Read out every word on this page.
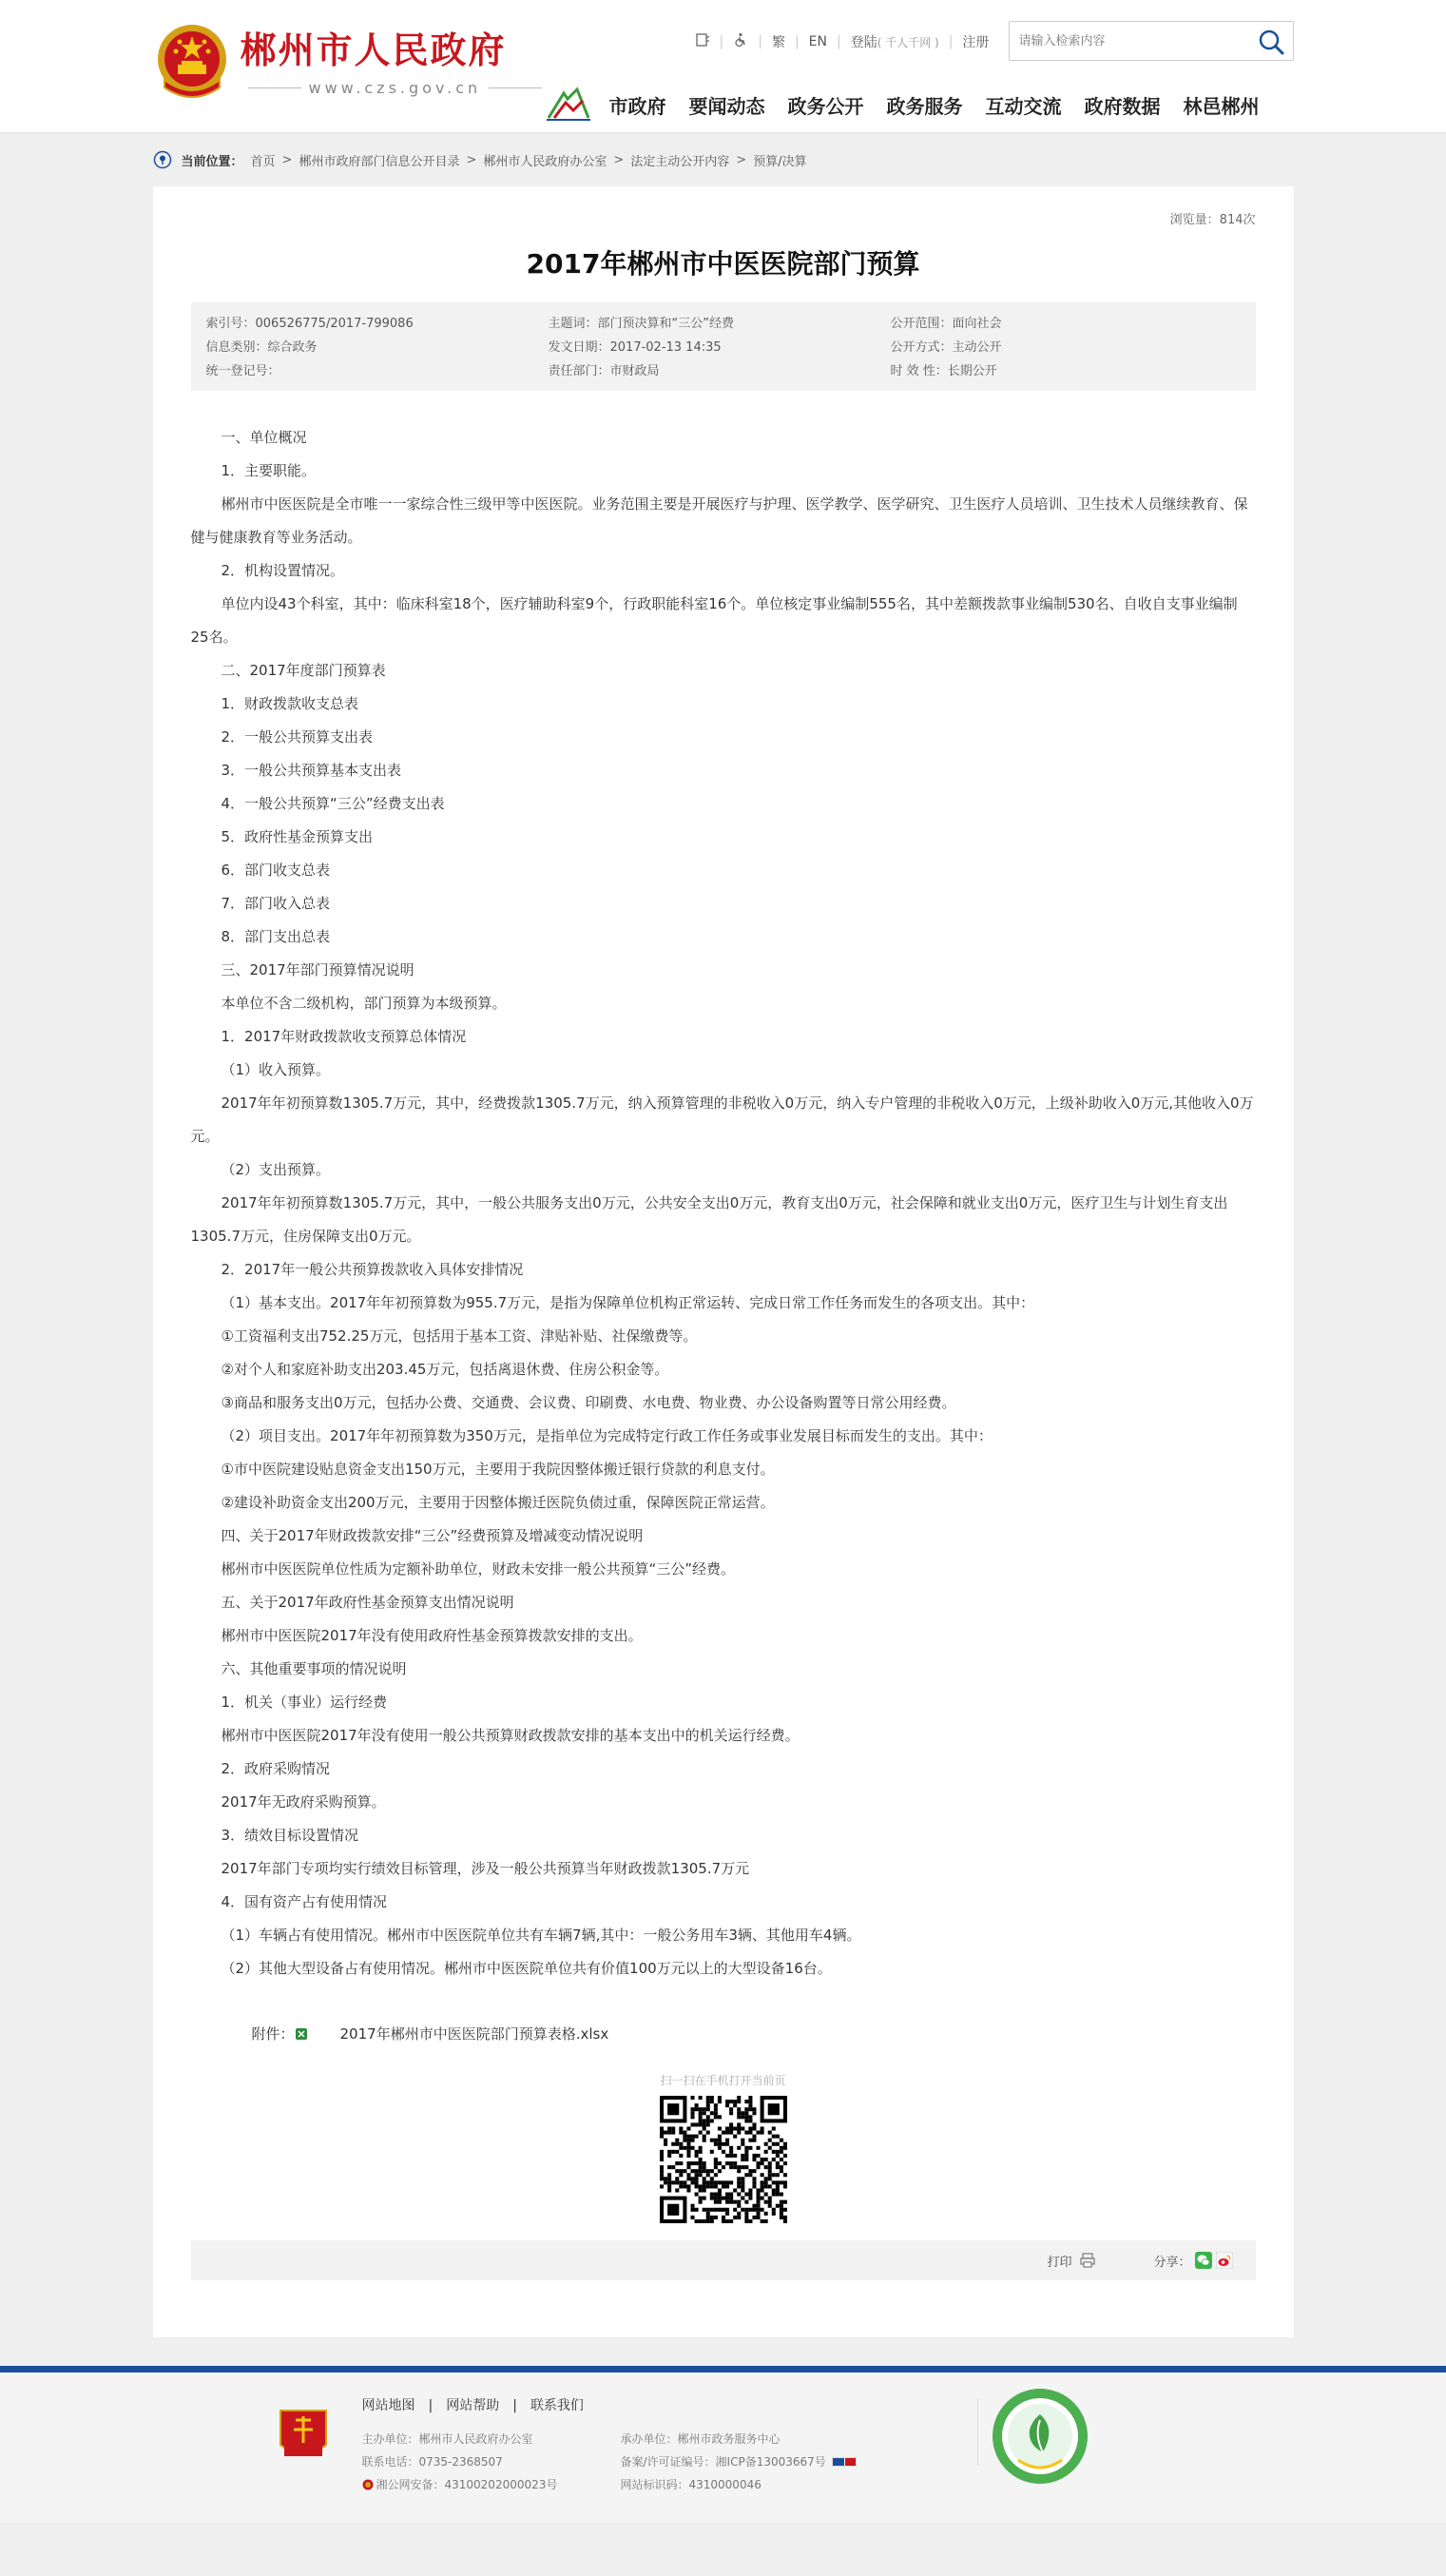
郴州市人民政府
www.czs.gov.cn
|	| 繁 | EN | 登陆( 千人千网 ) | 注册
请输入检索内容
市政府 要闻动态 政务公开 政务服务 互动交流 政府数据 林邑郴州
当前位置： 首页 > 郴州市政府部门信息公开目录 > 郴州市人民政府办公室 > 法定主动公开内容 > 预算/决算
浏览量：814次
2017年郴州市中医医院部门预算
索引号：006526775/2017-799086	主题词：部门预决算和“三公”经费	公开范围：面向社会
信息类别：综合政务	发文日期：2017-02-13 14:35	公开方式：主动公开
统一登记号：	责任部门：市财政局	时 效 性：长期公开

一、单位概况

1．主要职能。

郴州市中医医院是全市唯一一家综合性三级甲等中医医院。业务范围主要是开展医疗与护理、医学教学、医学研究、卫生医疗人员培训、卫生技术人员继续教育、保健与健康教育等业务活动。

2．机构设置情况。

单位内设43个科室，其中：临床科室18个，医疗辅助科室9个，行政职能科室16个。单位核定事业编制555名，其中差额拨款事业编制530名、自收自支事业编制25名。

二、2017年度部门预算表

1．财政拨款收支总表

2．一般公共预算支出表

3．一般公共预算基本支出表

4．一般公共预算“三公”经费支出表

5．政府性基金预算支出

6．部门收支总表

7．部门收入总表

8．部门支出总表

三、2017年部门预算情况说明

本单位不含二级机构，部门预算为本级预算。

1．2017年财政拨款收支预算总体情况

（1）收入预算。

2017年年初预算数1305.7万元，其中，经费拨款1305.7万元，纳入预算管理的非税收入0万元，纳入专户管理的非税收入0万元，上级补助收入0万元,其他收入0万元。

（2）支出预算。

2017年年初预算数1305.7万元，其中，一般公共服务支出0万元，公共安全支出0万元，教育支出0万元，社会保障和就业支出0万元，医疗卫生与计划生育支出1305.7万元，住房保障支出0万元。

2．2017年一般公共预算拨款收入具体安排情况

（1）基本支出。2017年年初预算数为955.7万元，是指为保障单位机构正常运转、完成日常工作任务而发生的各项支出。其中：

①工资福利支出752.25万元，包括用于基本工资、津贴补贴、社保缴费等。

②对个人和家庭补助支出203.45万元，包括离退休费、住房公积金等。

③商品和服务支出0万元，包括办公费、交通费、会议费、印刷费、水电费、物业费、办公设备购置等日常公用经费。

（2）项目支出。2017年年初预算数为350万元，是指单位为完成特定行政工作任务或事业发展目标而发生的支出。其中：

①市中医院建设贴息资金支出150万元，主要用于我院因整体搬迁银行贷款的利息支付。

②建设补助资金支出200万元，主要用于因整体搬迁医院负债过重，保障医院正常运营。

四、关于2017年财政拨款安排“三公”经费预算及增减变动情况说明

郴州市中医医院单位性质为定额补助单位，财政未安排一般公共预算“三公”经费。

五、关于2017年政府性基金预算支出情况说明

郴州市中医医院2017年没有使用政府性基金预算拨款安排的支出。

六、其他重要事项的情况说明

1．机关（事业）运行经费

郴州市中医医院2017年没有使用一般公共预算财政拨款安排的基本支出中的机关运行经费。

2．政府采购情况

2017年无政府采购预算。

3．绩效目标设置情况

2017年部门专项均实行绩效目标管理，涉及一般公共预算当年财政拨款1305.7万元

4．国有资产占有使用情况

（1）车辆占有使用情况。郴州市中医医院单位共有车辆7辆,其中：一般公务用车3辆、其他用车4辆。

（2）其他大型设备占有使用情况。郴州市中医医院单位共有价值100万元以上的大型设备16台。

附件：	2017年郴州市中医医院部门预算表格.xlsx
扫一扫在手机打开当前页
打印	分享：
网站地图 | 网站帮助 | 联系我们
主办单位：郴州市人民政府办公室	承办单位：郴州市政务服务中心
联系电话：0735-2368507	备案/许可证编号：湘ICP备13003667号
湘公网安备：43100202000023号	网站标识码：4310000046
